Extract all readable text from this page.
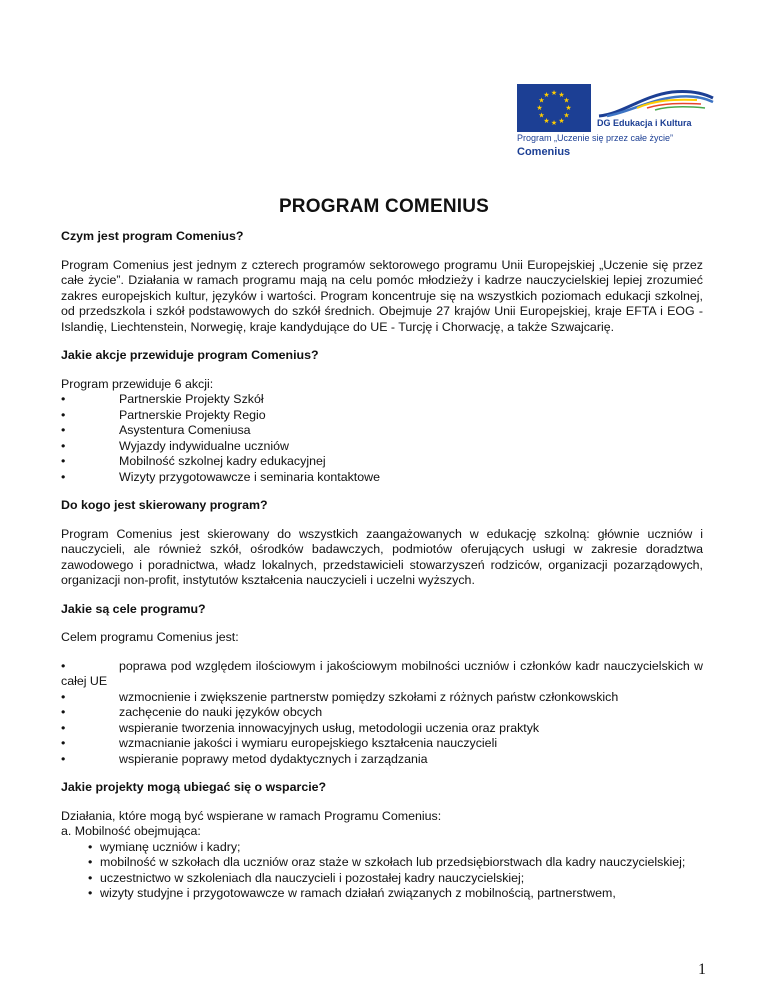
★ ★
★
★
★
★
★
★
★
★
★
★
DG Edukacja i Kultura
Program „Uczenie się przez całe życie”
Comenius
PROGRAM COMENIUS
Czym jest program Comenius?

Program Comenius jest jednym z czterech programów sektorowego programu Unii Europejskiej „Uczenie się przez całe życie”. Działania w ramach programu mają na celu pomóc młodzieży i kadrze nauczycielskiej lepiej zrozumieć zakres europejskich kultur, języków i wartości. Program koncentruje się na wszystkich poziomach edukacji szkolnej, od przedszkola i szkół podstawowych do szkół średnich. Obejmuje 27 krajów Unii Europejskiej, kraje EFTA i EOG - Islandię, Liechtenstein, Norwegię, kraje kandydujące do UE - Turcję i Chorwację, a także Szwajcarię.

Jakie akcje przewiduje program Comenius?

Program przewiduje 6 akcji:

•	Partnerskie Projekty Szkół
•	Partnerskie Projekty Regio
•	Asystentura Comeniusa
•	Wyjazdy indywidualne uczniów
•	Mobilność szkolnej kadry edukacyjnej
•	Wizyty przygotowawcze i seminaria kontaktowe
Do kogo jest skierowany program?

Program Comenius jest skierowany do wszystkich zaangażowanych w edukację szkolną: głównie uczniów i nauczycieli, ale również szkół, ośrodków badawczych, podmiotów oferujących usługi w zakresie doradztwa zawodowego i poradnictwa, władz lokalnych, przedstawicieli stowarzyszeń rodziców, organizacji pozarządowych, organizacji non-profit, instytutów kształcenia nauczycieli i uczelni wyższych.

Jakie są cele programu?

Celem programu Comenius jest:

•	poprawa pod względem ilościowym i jakościowym mobilności uczniów i członków kadr nauczycielskich w całej UE
•	wzmocnienie i zwiększenie partnerstw pomiędzy szkołami z różnych państw członkowskich
•	zachęcenie do nauki języków obcych
•	wspieranie tworzenia innowacyjnych usług, metodologii uczenia oraz praktyk
•	wzmacnianie jakości i wymiaru europejskiego kształcenia nauczycieli
•	wspieranie poprawy metod dydaktycznych i zarządzania
Jakie projekty mogą ubiegać się o wsparcie?

Działania, które mogą być wspierane w ramach Programu Comenius:

a. Mobilność obejmująca:

• wymianę uczniów i kadry;
• mobilność w szkołach dla uczniów oraz staże w szkołach lub przedsiębiorstwach dla kadry nauczycielskiej;
• uczestnictwo w szkoleniach dla nauczycieli i pozostałej kadry nauczycielskiej;
• wizyty studyjne i przygotowawcze w ramach działań związanych z mobilnością, partnerstwem,
1
